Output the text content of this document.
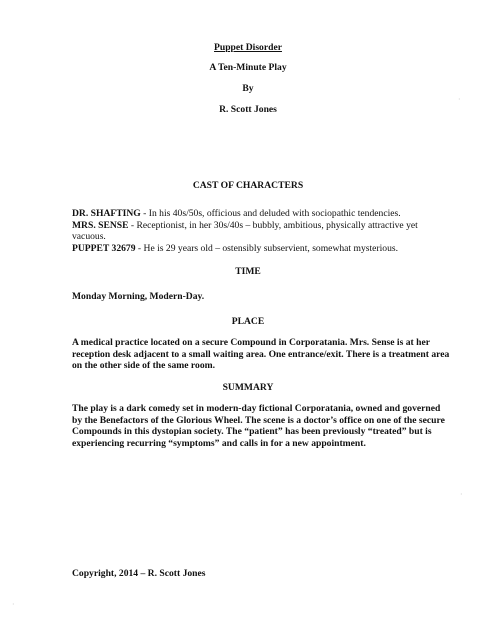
Puppet Disorder
A Ten-Minute Play
By
R. Scott Jones
CAST OF CHARACTERS

DR. SHAFTING - In his 40s/50s, officious and deluded with sociopathic tendencies.

MRS. SENSE - Receptionist, in her 30s/40s – bubbly, ambitious, physically attractive yet vacuous.

PUPPET 32679 - He is 29 years old – ostensibly subservient, somewhat mysterious.

TIME
Monday Morning, Modern-Day.
PLACE
A medical practice located on a secure Compound in Corporatania. Mrs. Sense is at her reception desk adjacent to a small waiting area. One entrance/exit. There is a treatment area on the other side of the same room.
SUMMARY
The play is a dark comedy set in modern-day fictional Corporatania, owned and governed by the Benefactors of the Glorious Wheel. The scene is a doctor’s office on one of the secure Compounds in this dystopian society. The “patient” has been previously “treated” but is experiencing recurring “symptoms” and calls in for a new appointment.
Copyright, 2014 – R. Scott Jones
·
·
·
